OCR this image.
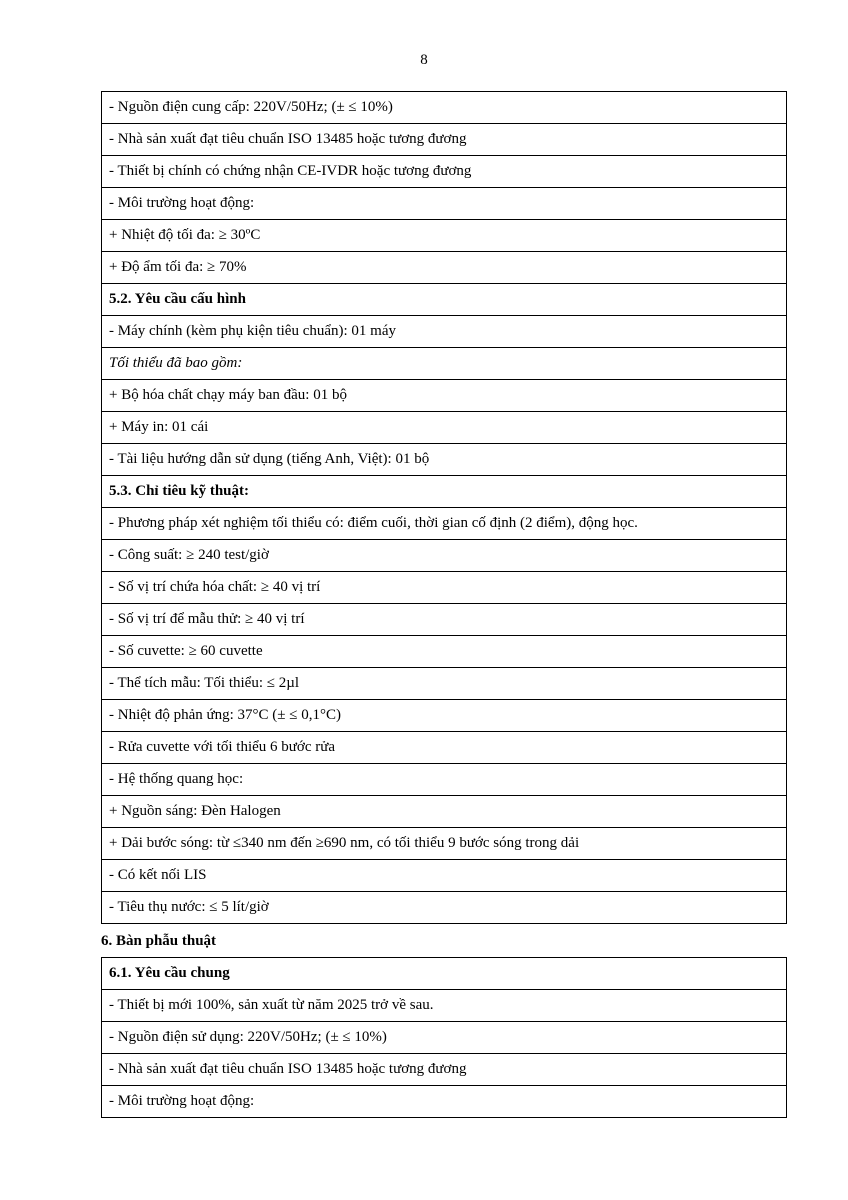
8
- Nguồn điện cung cấp: 220V/50Hz; (± ≤ 10%)
- Nhà sản xuất đạt tiêu chuẩn ISO 13485 hoặc tương đương
- Thiết bị chính có chứng nhận CE-IVDR hoặc tương đương
- Môi trường hoạt động:
+ Nhiệt độ tối đa: ≥ 30ºC
+ Độ ẩm tối đa: ≥ 70%
5.2. Yêu cầu cấu hình
- Máy chính (kèm phụ kiện tiêu chuẩn): 01 máy
Tối thiểu đã bao gồm:
+ Bộ hóa chất chạy máy ban đầu: 01 bộ
+ Máy in: 01 cái
- Tài liệu hướng dẫn sử dụng (tiếng Anh, Việt): 01 bộ
5.3. Chỉ tiêu kỹ thuật:
- Phương pháp xét nghiệm tối thiểu có: điểm cuối, thời gian cố định (2 điểm), động học.
- Công suất: ≥ 240 test/giờ
- Số vị trí chứa hóa chất: ≥ 40 vị trí
- Số vị trí để mẫu thử: ≥ 40 vị trí
- Số cuvette: ≥ 60 cuvette
- Thể tích mẫu: Tối thiểu: ≤ 2µl
- Nhiệt độ phản ứng: 37°C (± ≤ 0,1°C)
- Rửa cuvette với tối thiểu 6 bước rửa
- Hệ thống quang học:
+ Nguồn sáng: Đèn Halogen
+ Dải bước sóng: từ ≤340 nm đến ≥690 nm, có tối thiểu 9 bước sóng trong dải
- Có kết nối LIS
- Tiêu thụ nước: ≤ 5 lít/giờ
6. Bàn phẫu thuật
6.1. Yêu cầu chung
- Thiết bị mới 100%, sản xuất từ năm 2025 trở về sau.
- Nguồn điện sử dụng: 220V/50Hz; (± ≤ 10%)
- Nhà sản xuất đạt tiêu chuẩn ISO 13485 hoặc tương đương
- Môi trường hoạt động:
